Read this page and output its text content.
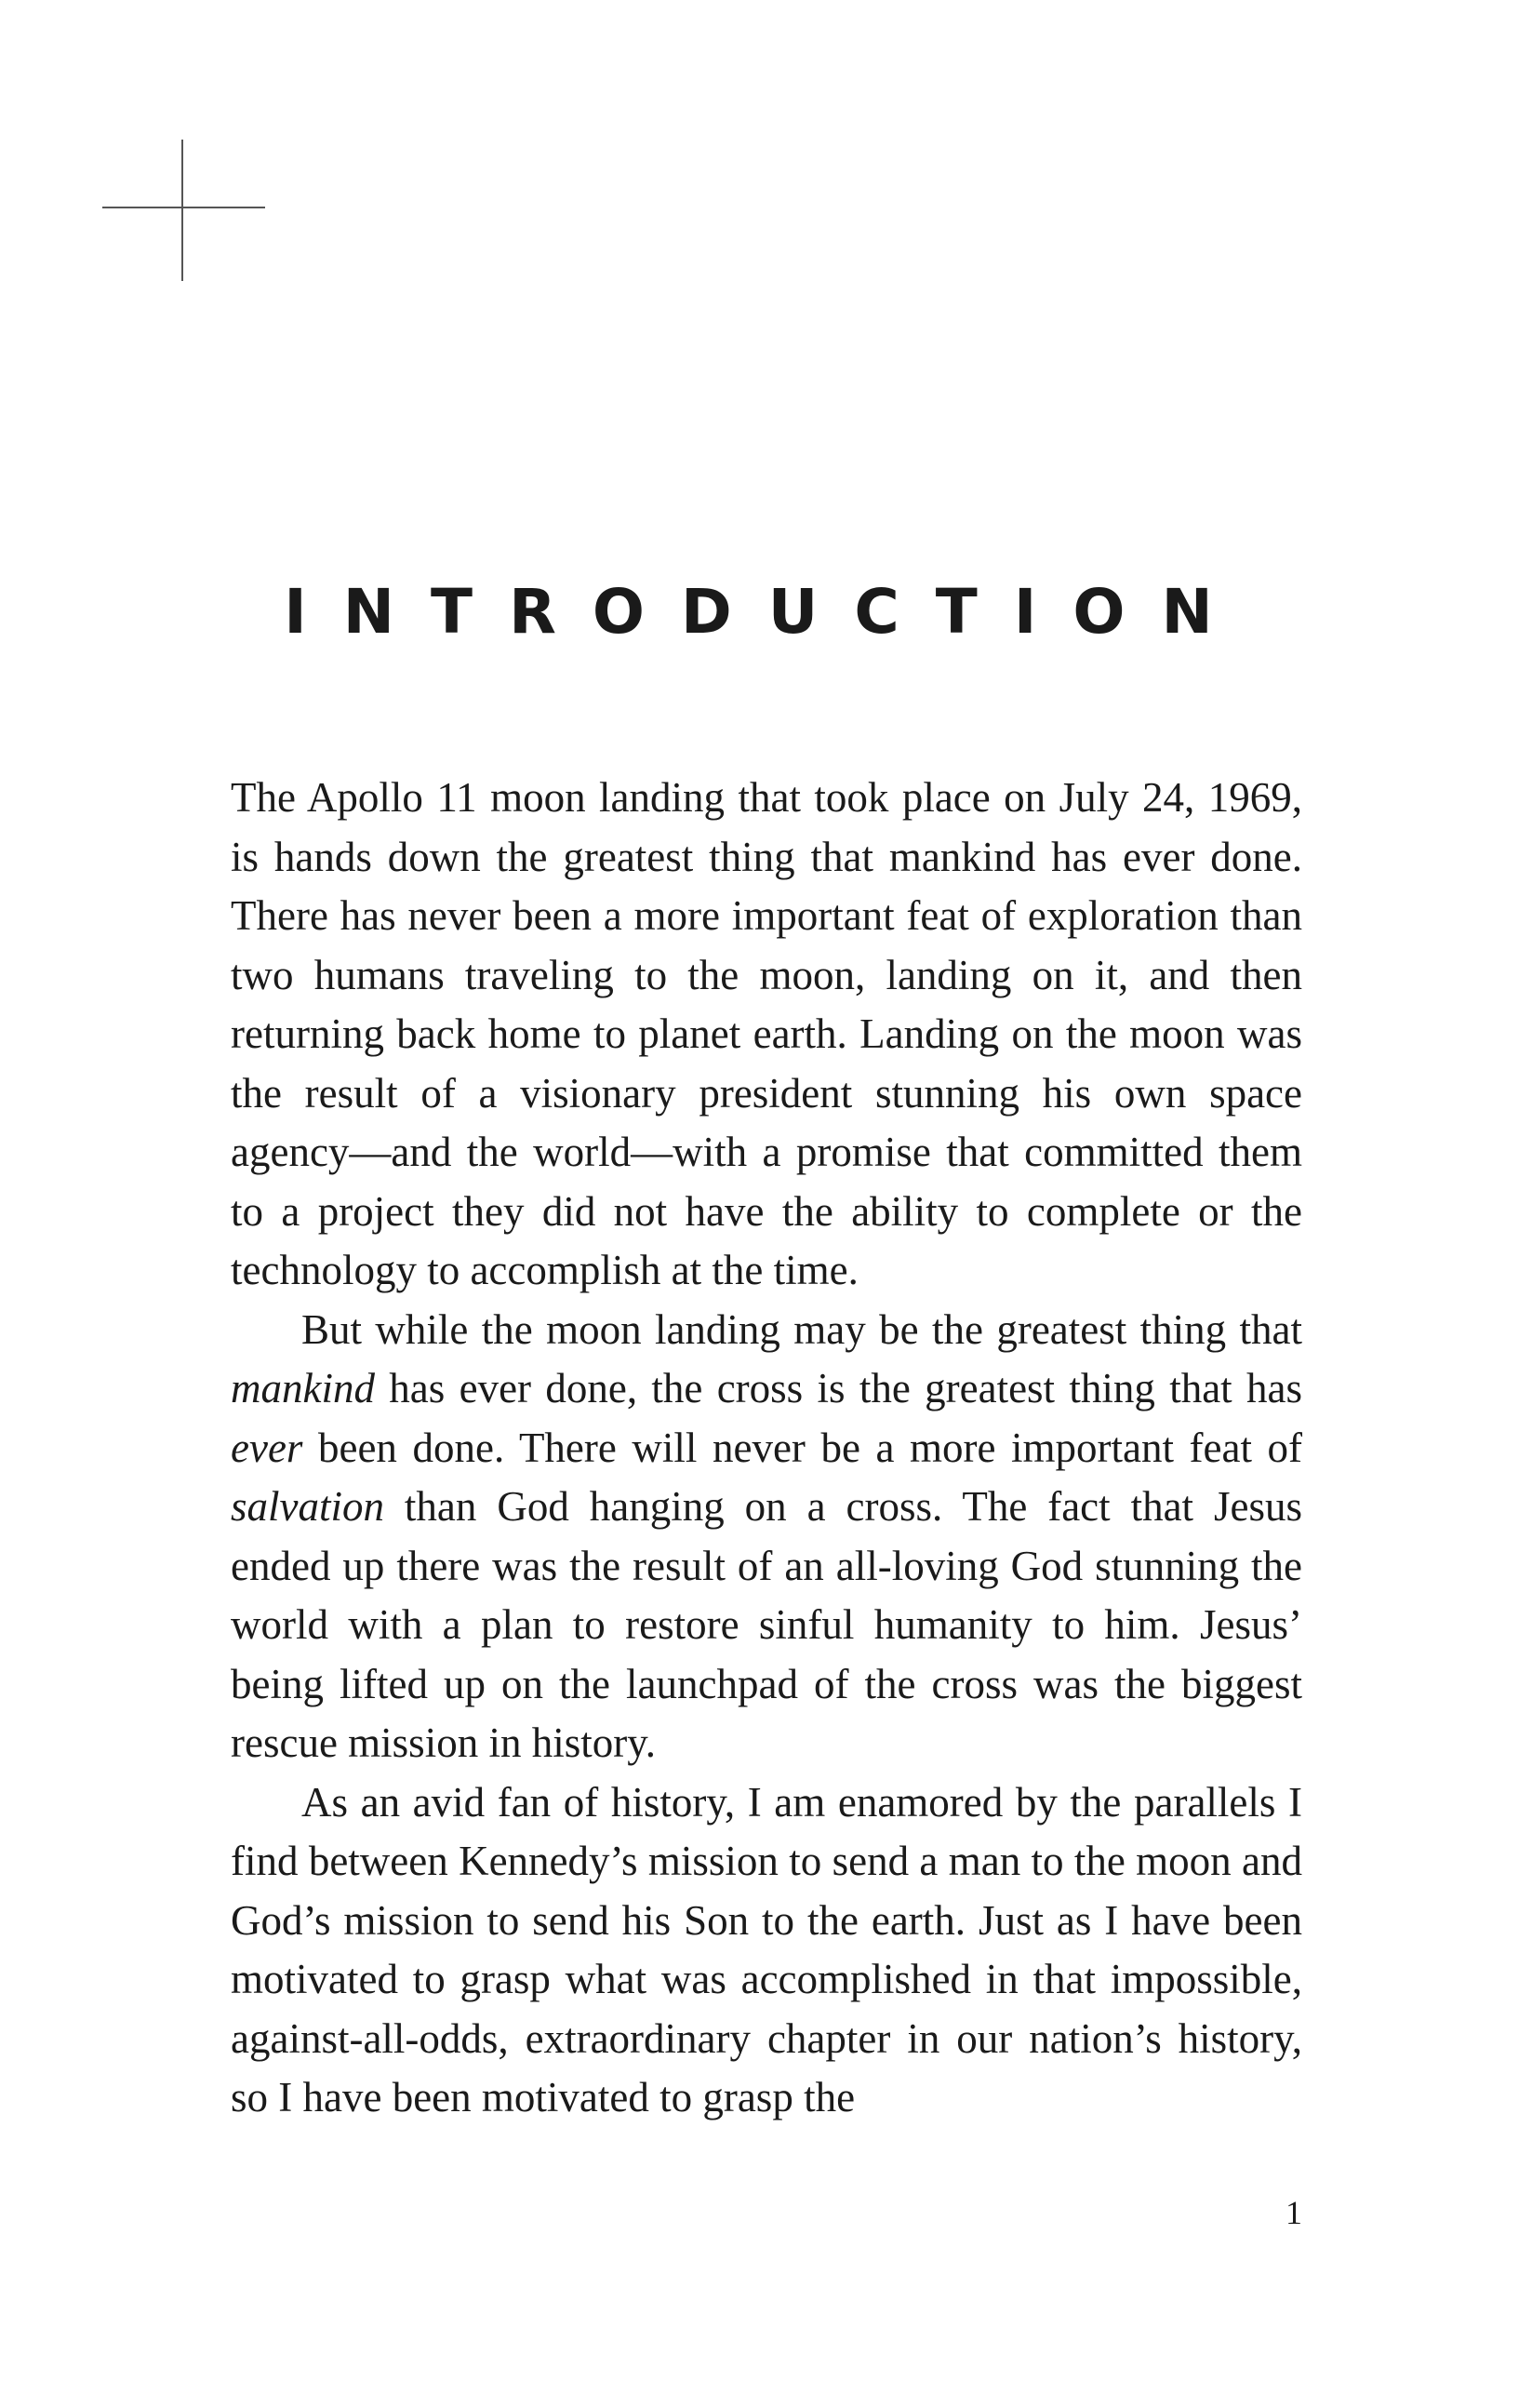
INTRODUCTION

The Apollo 11 moon landing that took place on July 24, 1969, is hands down the greatest thing that mankind has ever done. There has never been a more important feat of exploration than two humans traveling to the moon, landing on it, and then returning back home to planet earth. Landing on the moon was the result of a visionary president stunning his own space agency—and the world—with a promise that committed them to a project they did not have the ability to complete or the technology to accomplish at the time.

But while the moon landing may be the greatest thing that mankind has ever done, the cross is the greatest thing that has ever been done. There will never be a more important feat of salvation than God hanging on a cross. The fact that Jesus ended up there was the result of an all-loving God stunning the world with a plan to restore sinful humanity to him. Jesus’ being lifted up on the launchpad of the cross was the biggest rescue mission in history.

As an avid fan of history, I am enamored by the parallels I find between Kennedy’s mission to send a man to the moon and God’s mission to send his Son to the earth. Just as I have been motivated to grasp what was accomplished in that impossible, against-all-odds, extraordinary chapter in our nation’s history, so I have been motivated to grasp the

1
